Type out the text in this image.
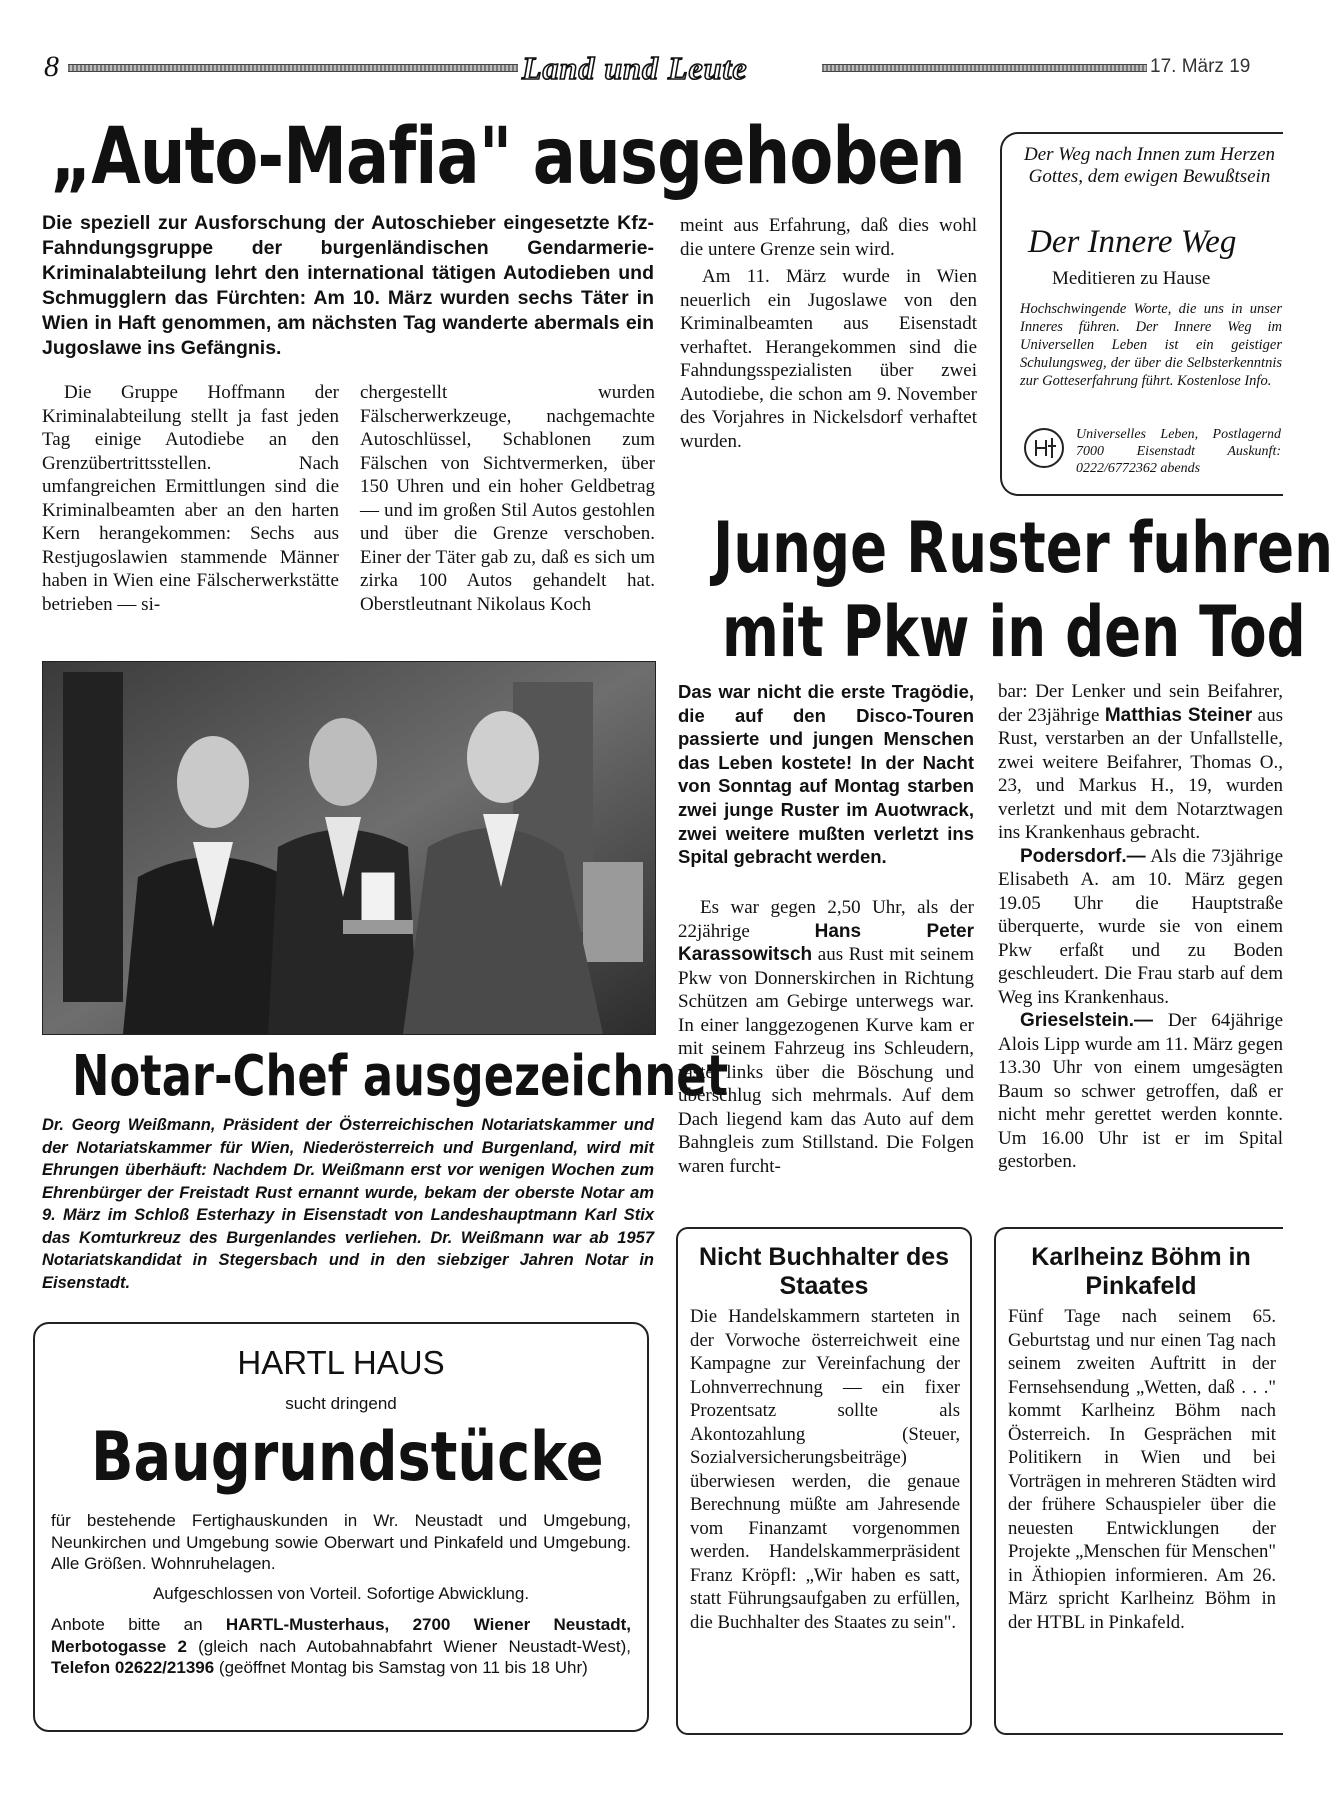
8	Land und Leute	17. März 19
„Auto-Mafia" ausgehoben

Die speziell zur Ausforschung der Autoschieber eingesetzte Kfz-Fahndungsgruppe der burgenländischen Gendarmerie-Kriminalabteilung lehrt den international tätigen Autodieben und Schmugglern das Fürchten: Am 10. März wurden sechs Täter in Wien in Haft genommen, am nächsten Tag wanderte abermals ein Jugoslawe ins Gefängnis.

Die Gruppe Hoffmann der Kriminalabteilung stellt ja fast jeden Tag einige Autodiebe an den Grenzübertrittsstellen. Nach umfangreichen Ermittlungen sind die Kriminalbeamten aber an den harten Kern herangekommen: Sechs aus Restjugoslawien stammende Männer haben in Wien eine Fälscherwerkstätte betrieben — si-

chergestellt wurden Fälscherwerkzeuge, nachgemachte Autoschlüssel, Schablonen zum Fälschen von Sichtvermerken, über 150 Uhren und ein hoher Geldbetrag — und im großen Stil Autos gestohlen und über die Grenze verschoben. Einer der Täter gab zu, daß es sich um zirka 100 Autos gehandelt hat. Oberstleutnant Nikolaus Koch

meint aus Erfahrung, daß dies wohl die untere Grenze sein wird.

Am 11. März wurde in Wien neuerlich ein Jugoslawe von den Kriminalbeamten aus Eisenstadt verhaftet. Herangekommen sind die Fahndungsspezialisten über zwei Autodiebe, die schon am 9. November des Vorjahres in Nickelsdorf verhaftet wurden.

Der Weg nach Innen zum Herzen Gottes, dem ewigen Bewußtsein
Der Innere Weg
Meditieren zu Hause
Hochschwingende Worte, die uns in unser Inneres führen. Der Innere Weg im Universellen Leben ist ein geistiger Schulungsweg, der über die Selbsterkenntnis zur Gotteserfahrung führt. Kostenlose Info.
Universelles Leben, Postlagernd 7000 Eisenstadt Auskunft: 0222/6772362 abends
Junge Ruster fuhren
mit Pkw in den Tod

Das war nicht die erste Tragödie, die auf den Disco-Touren passierte und jungen Menschen das Leben kostete! In der Nacht von Sonntag auf Montag starben zwei junge Ruster im Auotwrack, zwei weitere mußten verletzt ins Spital gebracht werden.

Es war gegen 2,50 Uhr, als der 22jährige Hans Peter Karassowitsch aus Rust mit seinem Pkw von Donnerskirchen in Richtung Schützen am Gebirge unterwegs war. In einer langgezogenen Kurve kam er mit seinem Fahrzeug ins Schleudern, raste links über die Böschung und überschlug sich mehrmals. Auf dem Dach liegend kam das Auto auf dem Bahngleis zum Stillstand. Die Folgen waren furcht-

bar: Der Lenker und sein Beifahrer, der 23jährige Matthias Steiner aus Rust, verstarben an der Unfallstelle, zwei weitere Beifahrer, Thomas O., 23, und Markus H., 19, wurden verletzt und mit dem Notarztwagen ins Krankenhaus gebracht.

Podersdorf.— Als die 73jährige Elisabeth A. am 10. März gegen 19.05 Uhr die Hauptstraße überquerte, wurde sie von einem Pkw erfaßt und zu Boden geschleudert. Die Frau starb auf dem Weg ins Krankenhaus.

Grieselstein.— Der 64jährige Alois Lipp wurde am 11. März gegen 13.30 Uhr von einem umgesägten Baum so schwer getroffen, daß er nicht mehr gerettet werden konnte. Um 16.00 Uhr ist er im Spital gestorben.

Notar-Chef ausgezeichnet

Dr. Georg Weißmann, Präsident der Österreichischen Notariatskammer und der Notariatskammer für Wien, Niederösterreich und Burgenland, wird mit Ehrungen überhäuft: Nachdem Dr. Weißmann erst vor wenigen Wochen zum Ehrenbürger der Freistadt Rust ernannt wurde, bekam der oberste Notar am 9. März im Schloß Esterhazy in Eisenstadt von Landeshauptmann Karl Stix das Komturkreuz des Burgenlandes verliehen. Dr. Weißmann war ab 1957 Notariatskandidat in Stegersbach und in den siebziger Jahren Notar in Eisenstadt.

HARTL HAUS
sucht dringend
Baugrundstücke
für bestehende Fertighauskunden in Wr. Neustadt und Umgebung, Neunkirchen und Umgebung sowie Oberwart und Pinkafeld und Umgebung. Alle Größen. Wohnruhelagen.
Aufgeschlossen von Vorteil. Sofortige Abwicklung.
Anbote bitte an HARTL-Musterhaus, 2700 Wiener Neustadt, Merbotogasse 2 (gleich nach Autobahnabfahrt Wiener Neustadt-West), Telefon 02622/21396 (geöffnet Montag bis Samstag von 11 bis 18 Uhr)
Nicht Buchhalter des Staates
Die Handelskammern starteten in der Vorwoche österreichweit eine Kampagne zur Vereinfachung der Lohnverrechnung — ein fixer Prozentsatz sollte als Akontozahlung (Steuer, Sozialversicherungsbeiträge) überwiesen werden, die genaue Berechnung müßte am Jahresende vom Finanzamt vorgenommen werden. Handelskammerpräsident Franz Kröpfl: „Wir haben es satt, statt Führungsaufgaben zu erfüllen, die Buchhalter des Staates zu sein".
Karlheinz Böhm in Pinkafeld
Fünf Tage nach seinem 65. Geburtstag und nur einen Tag nach seinem zweiten Auftritt in der Fernsehsendung „Wetten, daß . . ." kommt Karlheinz Böhm nach Österreich. In Gesprächen mit Politikern in Wien und bei Vorträgen in mehreren Städten wird der frühere Schauspieler über die neuesten Entwicklungen der Projekte „Menschen für Menschen" in Äthiopien informieren. Am 26. März spricht Karlheinz Böhm in der HTBL in Pinkafeld.
